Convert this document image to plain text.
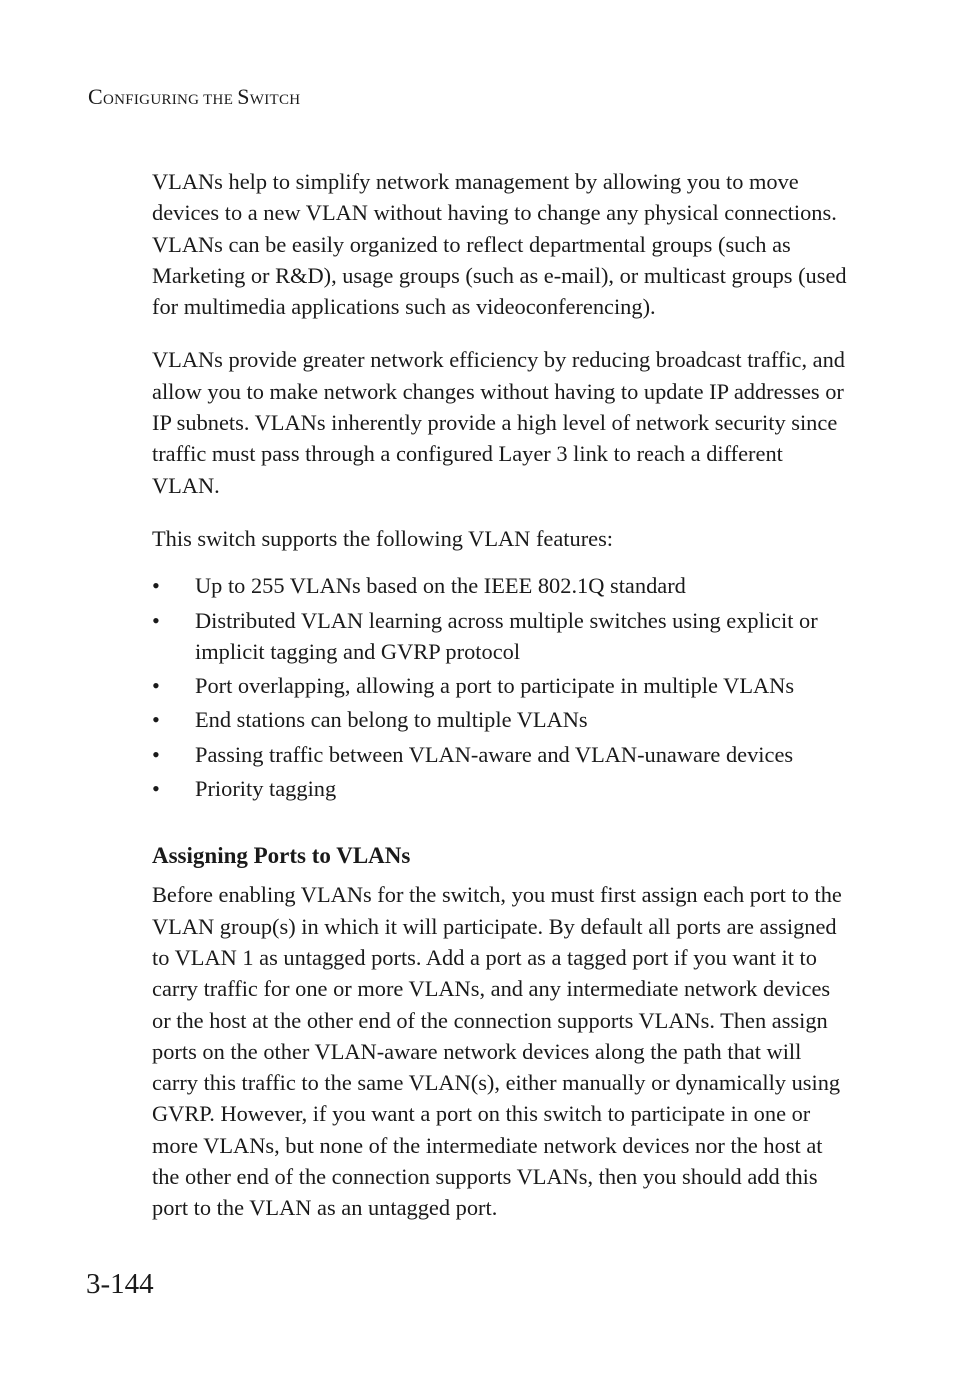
CONFIGURING THE SWITCH

VLANs help to simplify network management by allowing you to move devices to a new VLAN without having to change any physical connections. VLANs can be easily organized to reflect departmental groups (such as Marketing or R&D), usage groups (such as e-mail), or multicast groups (used for multimedia applications such as videoconferencing).

VLANs provide greater network efficiency by reducing broadcast traffic, and allow you to make network changes without having to update IP addresses or IP subnets. VLANs inherently provide a high level of network security since traffic must pass through a configured Layer 3 link to reach a different VLAN.

This switch supports the following VLAN features:

•	Up to 255 VLANs based on the IEEE 802.1Q standard
•	Distributed VLAN learning across multiple switches using explicit or implicit tagging and GVRP protocol
•	Port overlapping, allowing a port to participate in multiple VLANs
•	End stations can belong to multiple VLANs
•	Passing traffic between VLAN-aware and VLAN-unaware devices
•	Priority tagging
Assigning Ports to VLANs

Before enabling VLANs for the switch, you must first assign each port to the VLAN group(s) in which it will participate. By default all ports are assigned to VLAN 1 as untagged ports. Add a port as a tagged port if you want it to carry traffic for one or more VLANs, and any intermediate network devices or the host at the other end of the connection supports VLANs. Then assign ports on the other VLAN-aware network devices along the path that will carry this traffic to the same VLAN(s), either manually or dynamically using GVRP. However, if you want a port on this switch to participate in one or more VLANs, but none of the intermediate network devices nor the host at the other end of the connection supports VLANs, then you should add this port to the VLAN as an untagged port.

3-144
